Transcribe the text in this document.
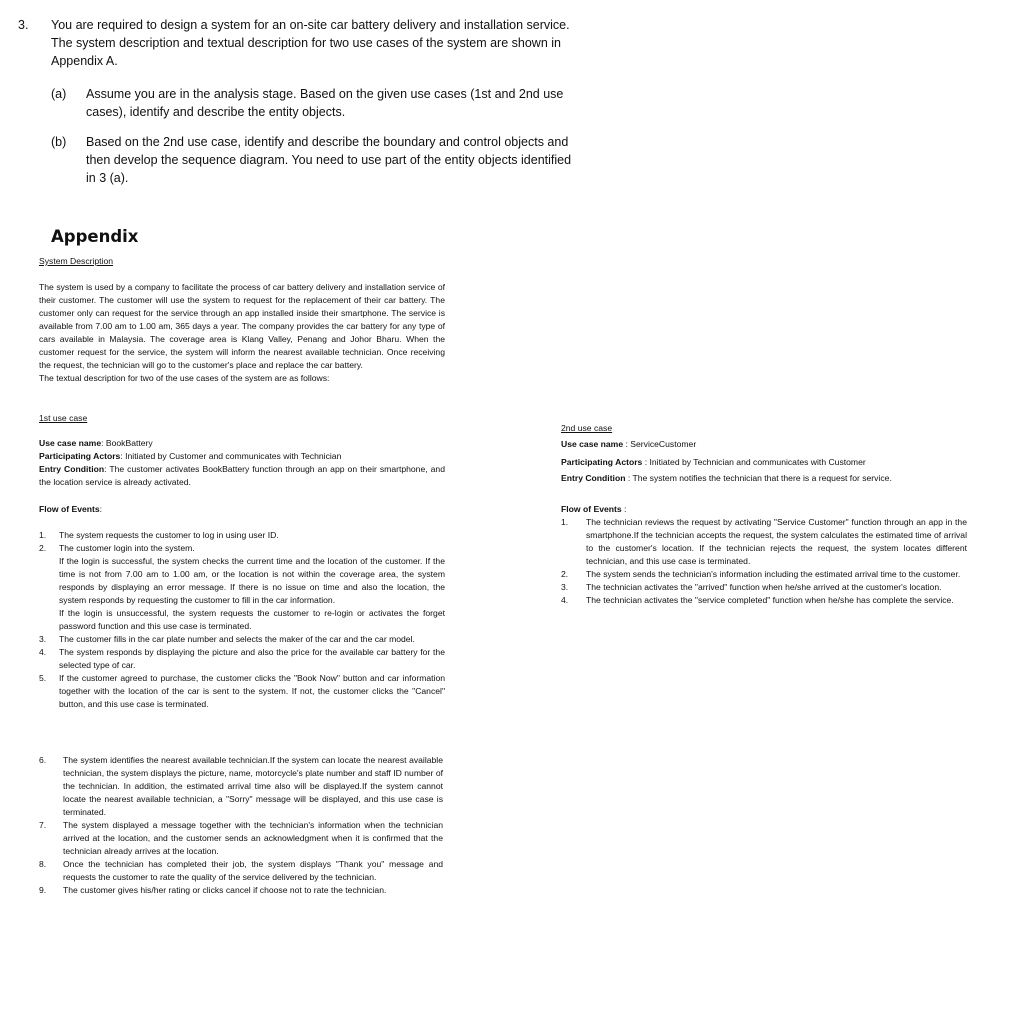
3. You are required to design a system for an on-site car battery delivery and installation service. The system description and textual description for two use cases of the system are shown in Appendix A.
(a) Assume you are in the analysis stage. Based on the given use cases (1st and 2nd use cases), identify and describe the entity objects.
(b) Based on the 2nd use case, identify and describe the boundary and control objects and then develop the sequence diagram. You need to use part of the entity objects identified in 3 (a).
Appendix
System Description

The system is used by a company to facilitate the process of car battery delivery and installation service of their customer. The customer will use the system to request for the replacement of their car battery. The customer only can request for the service through an app installed inside their smartphone. The service is available from 7.00 am to 1.00 am, 365 days a year. The company provides the car battery for any type of cars available in Malaysia. The coverage area is Klang Valley, Penang and Johor Bharu. When the customer request for the service, the system will inform the nearest available technician. Once receiving the request, the technician will go to the customer's place and replace the car battery.

The textual description for two of the use cases of the system are as follows:

1st use case
Use case name: BookBattery
Participating Actors: Initiated by Customer and communicates with Technician
Entry Condition: The customer activates BookBattery function through an app on their smartphone, and the location service is already activated.
Flow of Events:
1. The system requests the customer to log in using user ID.
2. The customer login into the system.
If the login is successful, the system checks the current time and the location of the customer. If the time is not from 7.00 am to 1.00 am, or the location is not within the coverage area, the system responds by displaying an error message. If there is no issue on time and also the location, the system responds by requesting the customer to fill in the car information.
If the login is unsuccessful, the system requests the customer to re-login or activates the forget password function and this use case is terminated.
3. The customer fills in the car plate number and selects the maker of the car and the car model.
4. The system responds by displaying the picture and also the price for the available car battery for the selected type of car.
5. If the customer agreed to purchase, the customer clicks the "Book Now" button and car information together with the location of the car is sent to the system. If not, the customer clicks the "Cancel" button, and this use case is terminated.
6. The system identifies the nearest available technician.If the system can locate the nearest available technician, the system displays the picture, name, motorcycle's plate number and staff ID number of the technician. In addition, the estimated arrival time also will be displayed.If the system cannot locate the nearest available technician, a "Sorry" message will be displayed, and this use case is terminated.
7. The system displayed a message together with the technician's information when the technician arrived at the location, and the customer sends an acknowledgment when it is confirmed that the technician already arrives at the location.
8. Once the technician has completed their job, the system displays "Thank you" message and requests the customer to rate the quality of the service delivered by the technician.
9. The customer gives his/her rating or clicks cancel if choose not to rate the technician.
2nd use case
Use case name : ServiceCustomer
Participating Actors : Initiated by Technician and communicates with Customer
Entry Condition : The system notifies the technician that there is a request for service.
Flow of Events :
1. The technician reviews the request by activating "Service Customer" function through an app in the smartphone.If the technician accepts the request, the system calculates the estimated time of arrival to the customer's location. If the technician rejects the request, the system locates different technician, and this use case is terminated.
2. The system sends the technician's information including the estimated arrival time to the customer.
3. The technician activates the "arrived" function when he/she arrived at the customer's location.
4. The technician activates the "service completed" function when he/she has complete the service.
